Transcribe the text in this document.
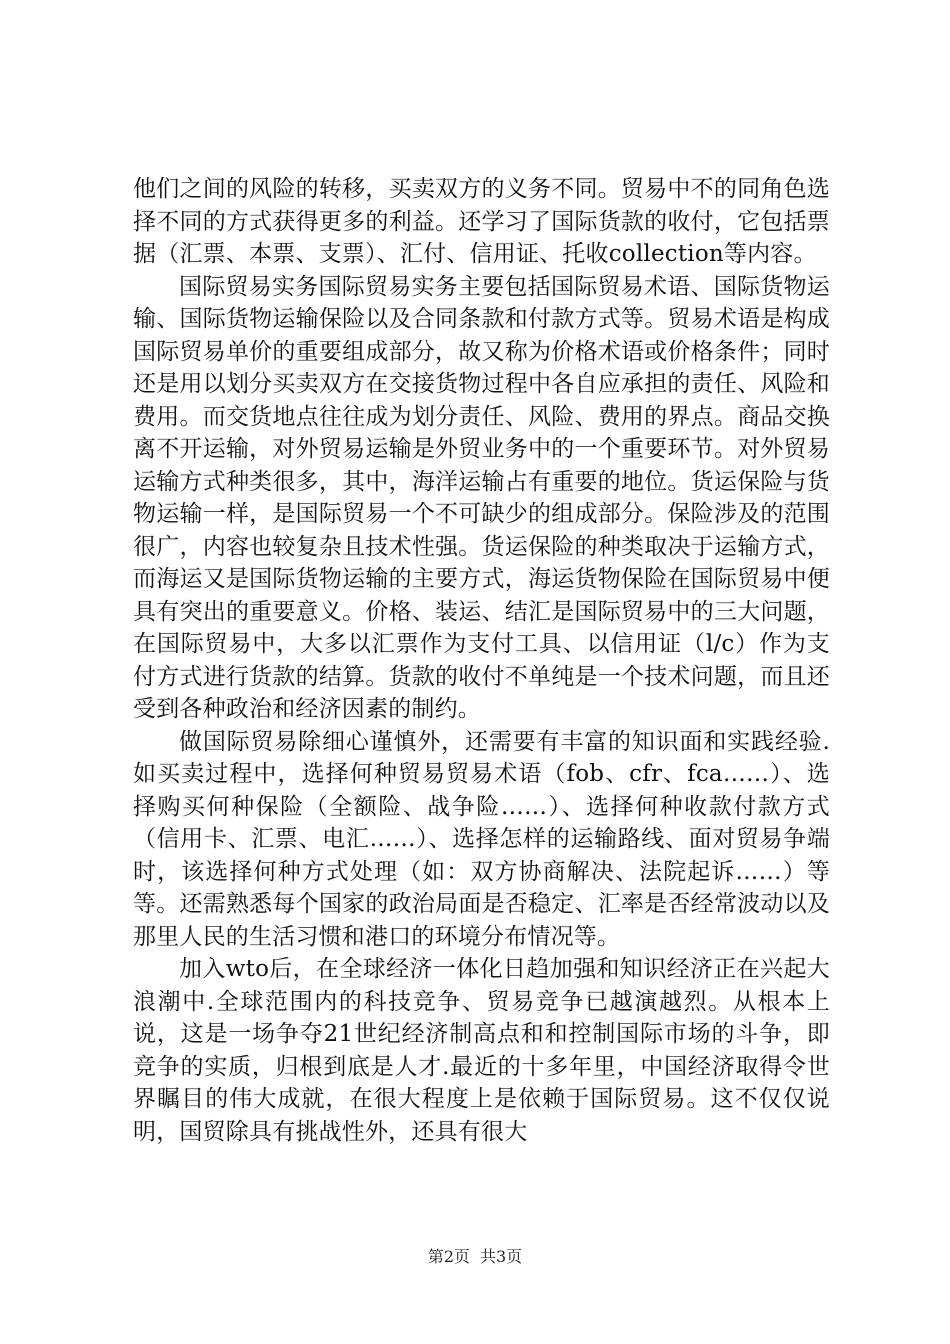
他们之间的风险的转移，买卖双方的义务不同。贸易中不的同角色选择不同的方式获得更多的利益。还学习了国际货款的收付，它包括票据（汇票、本票、支票）、汇付、信用证、托收collection等内容。

国际贸易实务国际贸易实务主要包括国际贸易术语、国际货物运输、国际货物运输保险以及合同条款和付款方式等。贸易术语是构成国际贸易单价的重要组成部分，故又称为价格术语或价格条件；同时还是用以划分买卖双方在交接货物过程中各自应承担的责任、风险和费用。而交货地点往往成为划分责任、风险、费用的界点。商品交换离不开运输，对外贸易运输是外贸业务中的一个重要环节。对外贸易运输方式种类很多，其中，海洋运输占有重要的地位。货运保险与货物运输一样，是国际贸易一个不可缺少的组成部分。保险涉及的范围很广，内容也较复杂且技术性强。货运保险的种类取决于运输方式，而海运又是国际货物运输的主要方式，海运货物保险在国际贸易中便具有突出的重要意义。价格、装运、结汇是国际贸易中的三大问题，在国际贸易中，大多以汇票作为支付工具、以信用证（l/c）作为支付方式进行货款的结算。货款的收付不单纯是一个技术问题，而且还受到各种政治和经济因素的制约。

做国际贸易除细心谨慎外，还需要有丰富的知识面和实践经验.如买卖过程中，选择何种贸易贸易术语（fob、cfr、fca……）、选择购买何种保险（全额险、战争险……）、选择何种收款付款方式（信用卡、汇票、电汇……）、选择怎样的运输路线、面对贸易争端时，该选择何种方式处理（如：双方协商解决、法院起诉……）等等。还需熟悉每个国家的政治局面是否稳定、汇率是否经常波动以及那里人民的生活习惯和港口的环境分布情况等。

加入wto后，在全球经济一体化日趋加强和知识经济正在兴起大浪潮中.全球范围内的科技竞争、贸易竞争已越演越烈。从根本上说，这是一场争夺21世纪经济制高点和和控制国际市场的斗争，即竞争的实质，归根到底是人才.最近的十多年里，中国经济取得令世界瞩目的伟大成就，在很大程度上是依赖于国际贸易。这不仅仅说明，国贸除具有挑战性外，还具有很大

第2页 共3页
